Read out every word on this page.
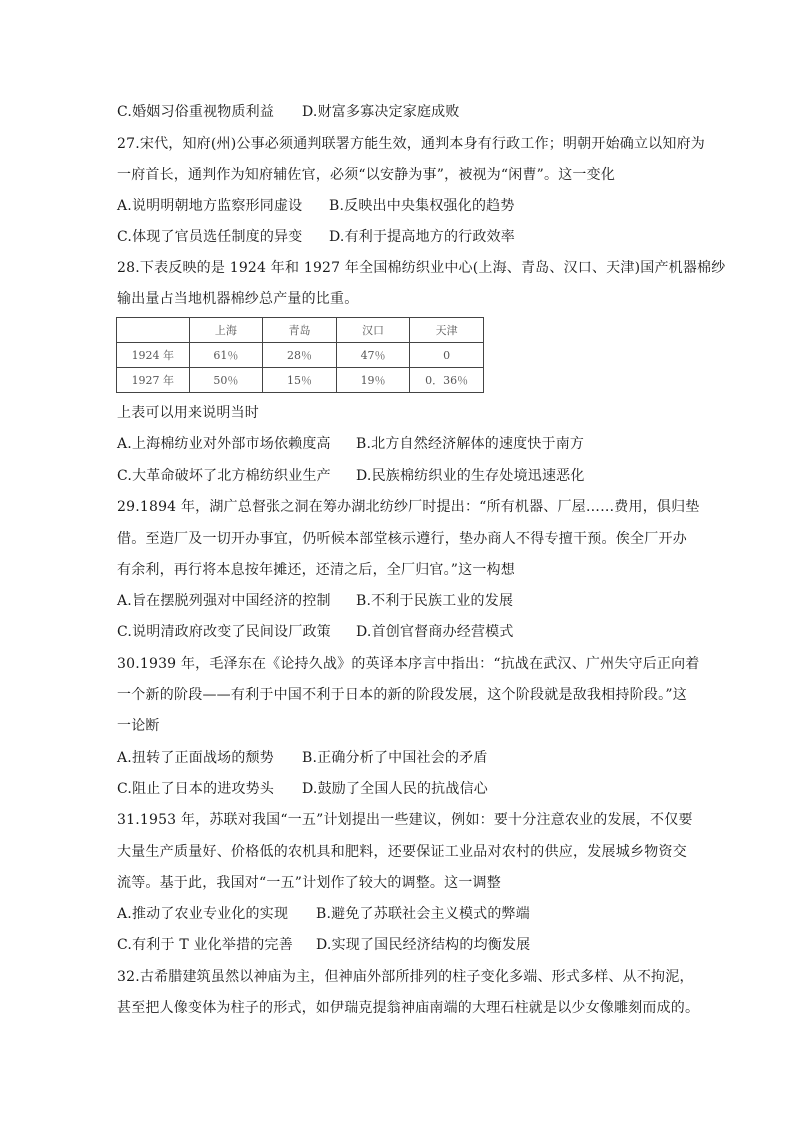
C.婚姻习俗重视物质利益 D.财富多寡决定家庭成败
27.宋代，知府(州)公事必须通判联署方能生效，通判本身有行政工作；明朝开始确立以知府为
一府首长，通判作为知府辅佐官，必须“以安静为事”，被视为“闲曹”。这一变化
A.说明明朝地方监察形同虚设 B.反映出中央集权强化的趋势
C.体现了官员选任制度的异变 D.有利于提高地方的行政效率
28.下表反映的是 1924 年和 1927 年全国棉纺织业中心(上海、青岛、汉口、天津)国产机器棉纱
输出量占当地机器棉纱总产量的比重。
	上海	青岛	汉口	天津
1924 年	61％	28％	47％	0
1927 年	50％	15％	19％	0．36％
上表可以用来说明当时
A.上海棉纺业对外部市场依赖度高 B.北方自然经济解体的速度快于南方
C.大革命破坏了北方棉纺织业生产 D.民族棉纺织业的生存处境迅速恶化
29.1894 年，湖广总督张之洞在筹办湖北纺纱厂时提出：“所有机器、厂屋……费用，俱归垫
借。至造厂及一切开办事宜，仍听候本部堂核示遵行，垫办商人不得专擅干预。俟全厂开办
有余利，再行将本息按年摊还，还清之后，全厂归官。”这一构想
A.旨在摆脱列强对中国经济的控制 B.不利于民族工业的发展
C.说明清政府改变了民间设厂政策 D.首创官督商办经营模式
30.1939 年，毛泽东在《论持久战》的英译本序言中指出：“抗战在武汉、广州失守后正向着
一个新的阶段——有利于中国不利于日本的新的阶段发展，这个阶段就是敌我相持阶段。”这
一论断
A.扭转了正面战场的颓势 B.正确分析了中国社会的矛盾
C.阻止了日本的进攻势头 D.鼓励了全国人民的抗战信心
31.1953 年，苏联对我国“一五”计划提出一些建议，例如：要十分注意农业的发展，不仅要
大量生产质量好、价格低的农机具和肥料，还要保证工业品对农村的供应，发展城乡物资交
流等。基于此，我国对“一五”计划作了较大的调整。这一调整
A.推动了农业专业化的实现 B.避免了苏联社会主义模式的弊端
C.有利于 T 业化举措的完善 D.实现了国民经济结构的均衡发展
32.古希腊建筑虽然以神庙为主，但神庙外部所排列的柱子变化多端、形式多样、从不拘泥，
甚至把人像变体为柱子的形式，如伊瑞克提翁神庙南端的大理石柱就是以少女像雕刻而成的。
